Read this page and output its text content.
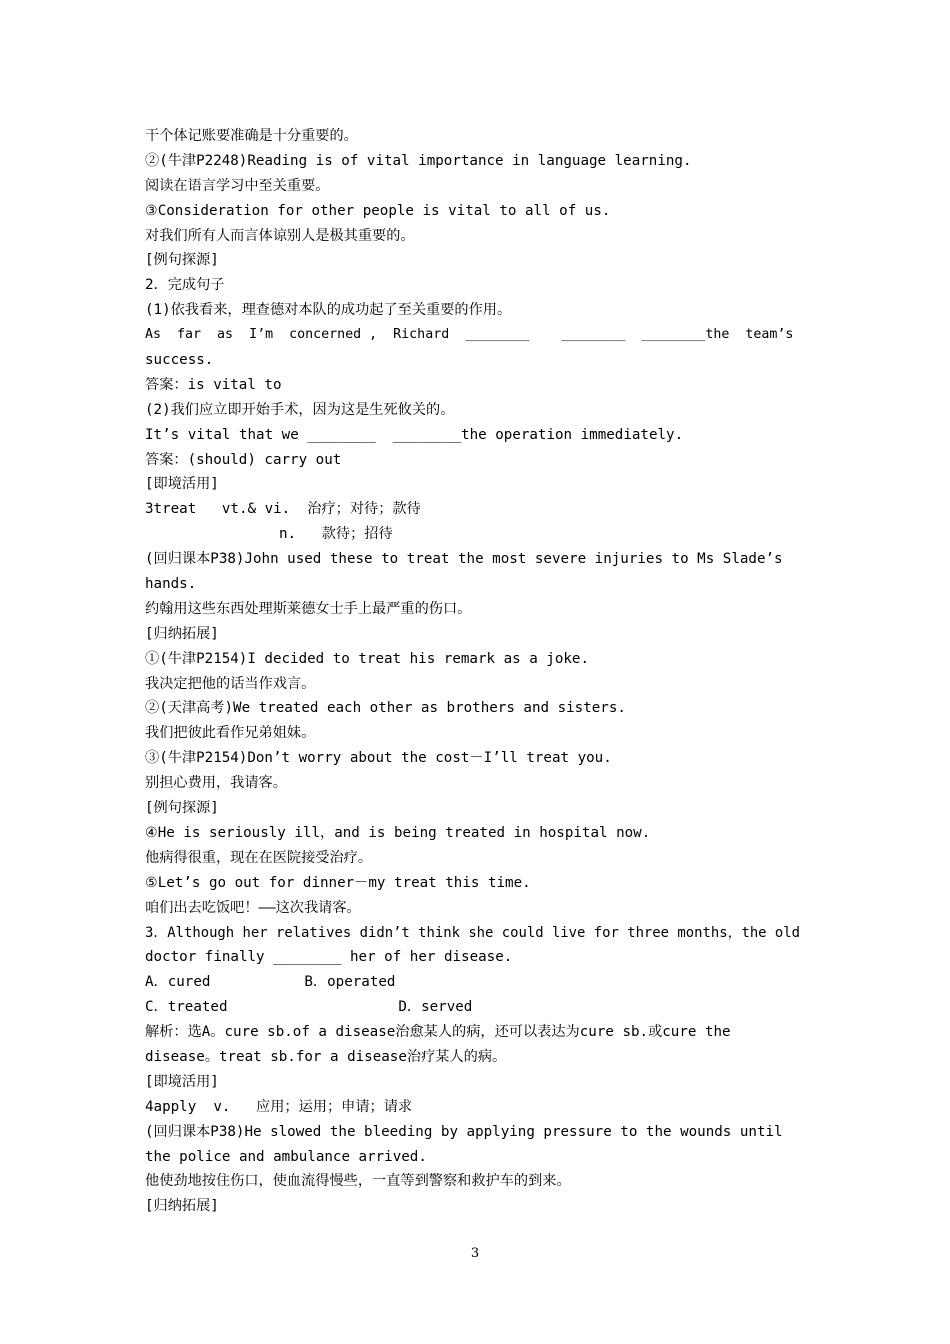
干个体记账要准确是十分重要的。
②(牛津P2248)Reading is of vital importance in language learning.
阅读在语言学习中至关重要。
③Consideration for other people is vital to all of us.
对我们所有人而言体谅别人是极其重要的。
[例句探源]
2．完成句子
(1)依我看来，理查德对本队的成功起了至关重要的作用。
As  far  as  I’m  concerned ,  Richard  ________    ________  ________the  team’s
success.
答案：is vital to
(2)我们应立即开始手术，因为这是生死攸关的。
It’s vital that we ________  ________the operation immediately.
答案：(should) carry out
[即境活用]
3treat   vt.& vi.  治疗；对待；款待
n.   款待；招待
(回归课本P38)John used these to treat the most severe injuries to Ms Slade’s
hands.
约翰用这些东西处理斯莱德女士手上最严重的伤口。
[归纳拓展]
①(牛津P2154)I decided to treat his remark as a joke.
我决定把他的话当作戏言。
②(天津高考)We treated each other as brothers and sisters.
我们把彼此看作兄弟姐妹。
③(牛津P2154)Don’t worry about the cost－I’ll treat you.
别担心费用，我请客。
[例句探源]
④He is seriously ill，and is being treated in hospital now.
他病得很重，现在在医院接受治疗。
⑤Let’s go out for dinner－my treat this time.
咱们出去吃饭吧！——这次我请客。
3．Although her relatives didn’t think she could live for three months，the old
doctor finally ________ her of her disease.
A．cured           B．operated
C．treated                    D．served
解析：选A。cure sb.of a disease治愈某人的病，还可以表达为cure sb.或cure the
disease。treat sb.for a disease治疗某人的病。
[即境活用]
4apply  v.   应用；运用；申请；请求
(回归课本P38)He slowed the bleeding by applying pressure to the wounds until
the police and ambulance arrived.
他使劲地按住伤口，使血流得慢些，一直等到警察和救护车的到来。
[归纳拓展]
3
